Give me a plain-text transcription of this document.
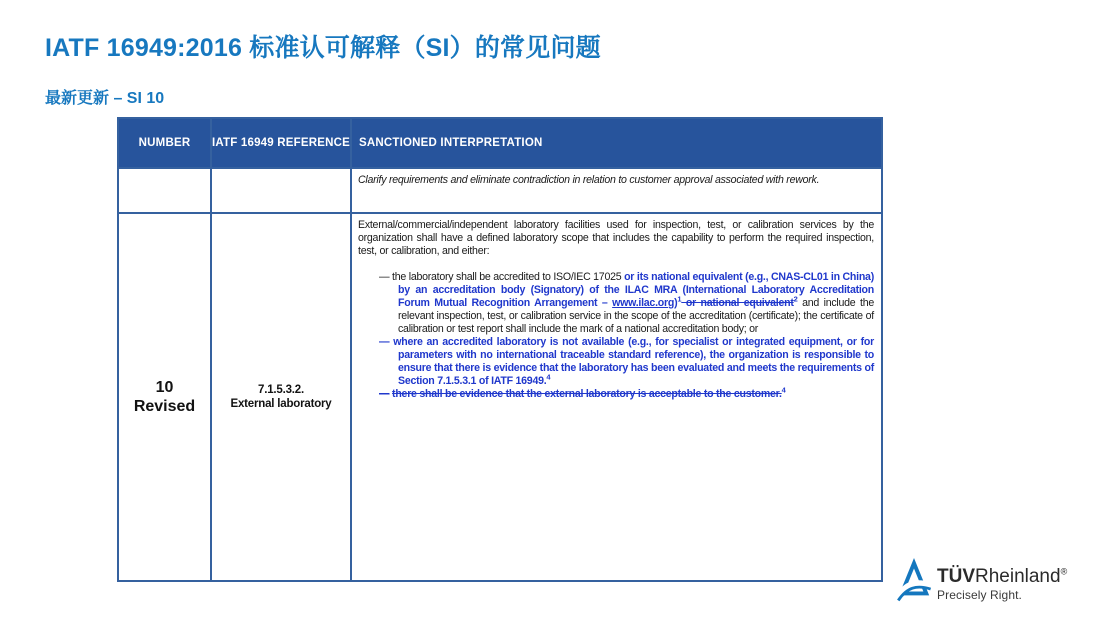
IATF 16949:2016 标准认可解释（SI）的常见问题
最新更新 – SI 10
NUMBER	IATF 16949 REFERENCE SANCTIONED INTERPRETATION
Clarify requirements and eliminate contradiction in relation to customer approval associated with rework.
10
Revised
7.1.5.3.2.
External laboratory

External/commercial/independent laboratory facilities used for inspection, test, or calibration services by the organization shall have a defined laboratory scope that includes the capability to perform the required inspection, test, or calibration, and either:

— the laboratory shall be accredited to ISO/IEC 17025 or its national equivalent (e.g., CNAS-CL01 in China) by an accreditation body (Signatory) of the ILAC MRA (International Laboratory Accreditation Forum Mutual Recognition Arrangement – www.ilac.org)$^1$ or national equivalent$^2$ and include the relevant inspection, test, or calibration service in the scope of the accreditation (certificate); the certificate of calibration or test report shall include the mark of a national accreditation body; or
— where an accredited laboratory is not available (e.g., for specialist or integrated equipment, or for parameters with no international traceable standard reference), the organization is responsible to ensure that there is evidence that the laboratory has been evaluated and meets the requirements of Section 7.1.5.3.1 of IATF 16949.$^4$
— there shall be evidence that the external laboratory is acceptable to the customer.$^4$
TÜVRheinland®
Precisely Right.
